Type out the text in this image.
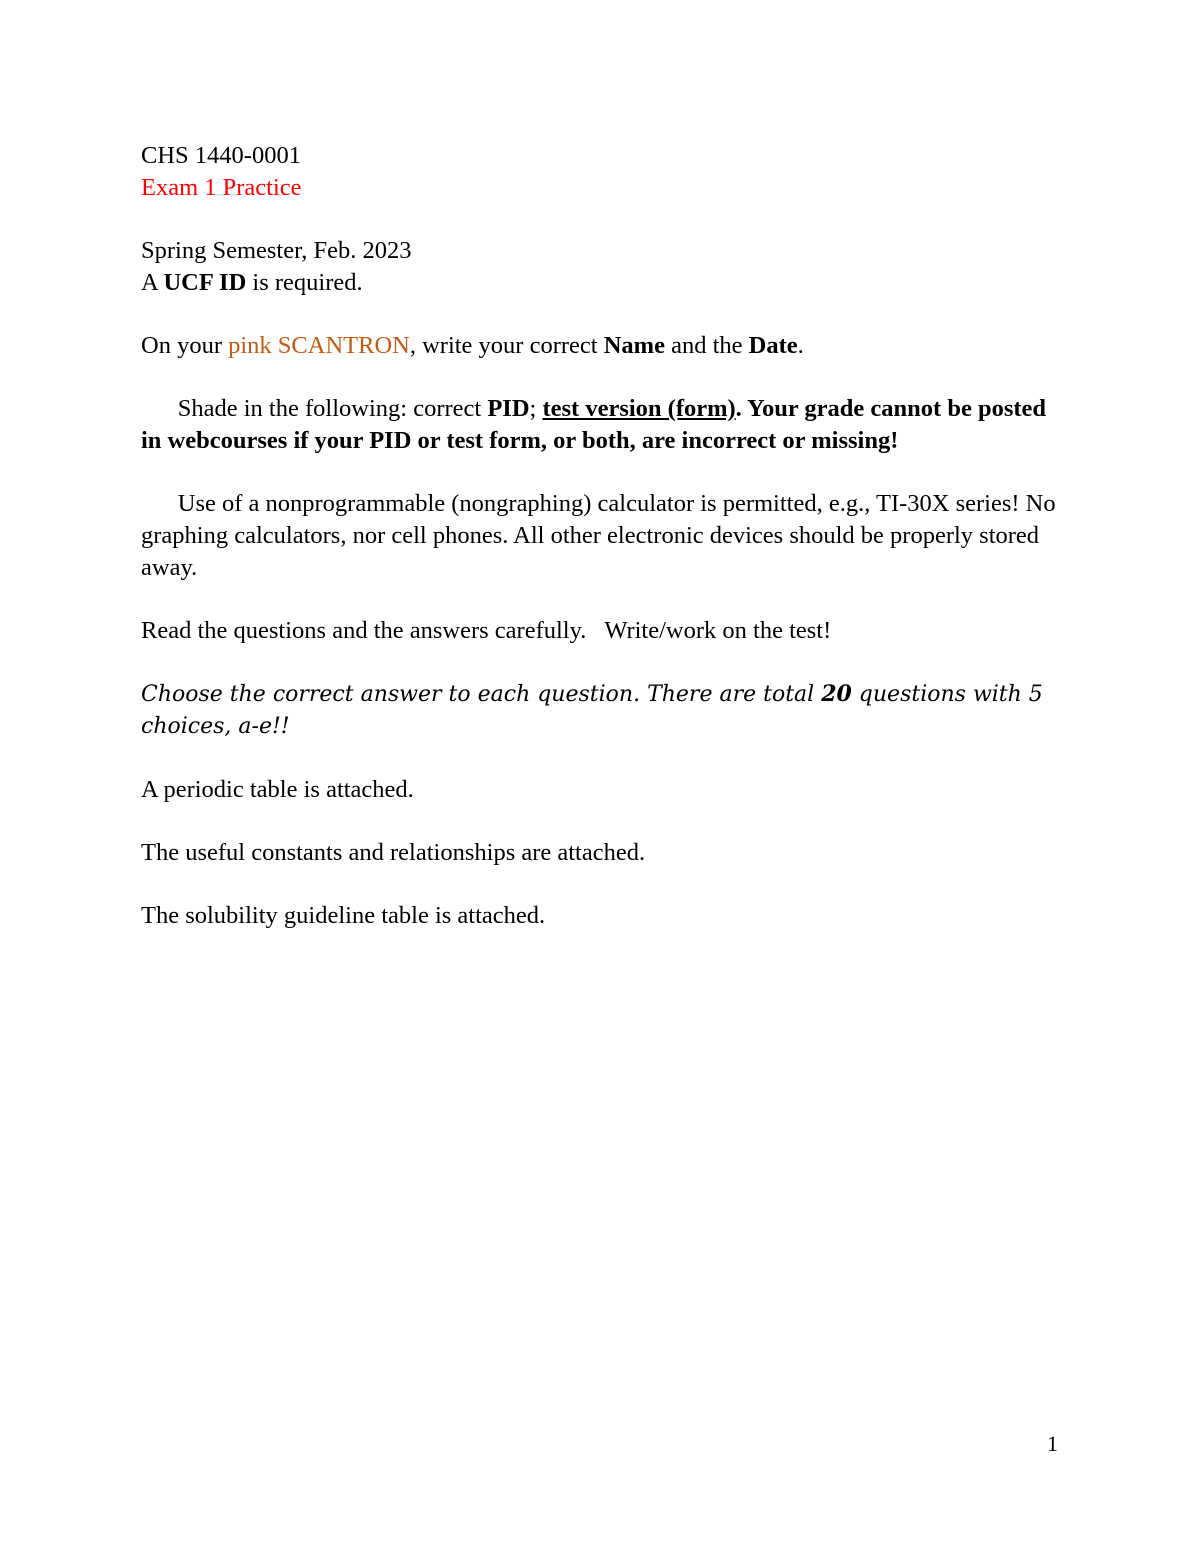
CHS 1440-0001

Exam 1 Practice

Spring Semester, Feb. 2023

A UCF ID is required.

On your pink SCANTRON, write your correct Name and the Date.

Shade in the following: correct PID; test version (form). Your grade cannot be posted in webcourses if your PID or test form, or both, are incorrect or missing!

Use of a nonprogrammable (nongraphing) calculator is permitted, e.g., TI-30X series! No graphing calculators, nor cell phones. All other electronic devices should be properly stored away.

Read the questions and the answers carefully.   Write/work on the test!

Choose the correct answer to each question. There are total 20 questions with 5 choices, a-e!!

A periodic table is attached.

The useful constants and relationships are attached.

The solubility guideline table is attached.

1
